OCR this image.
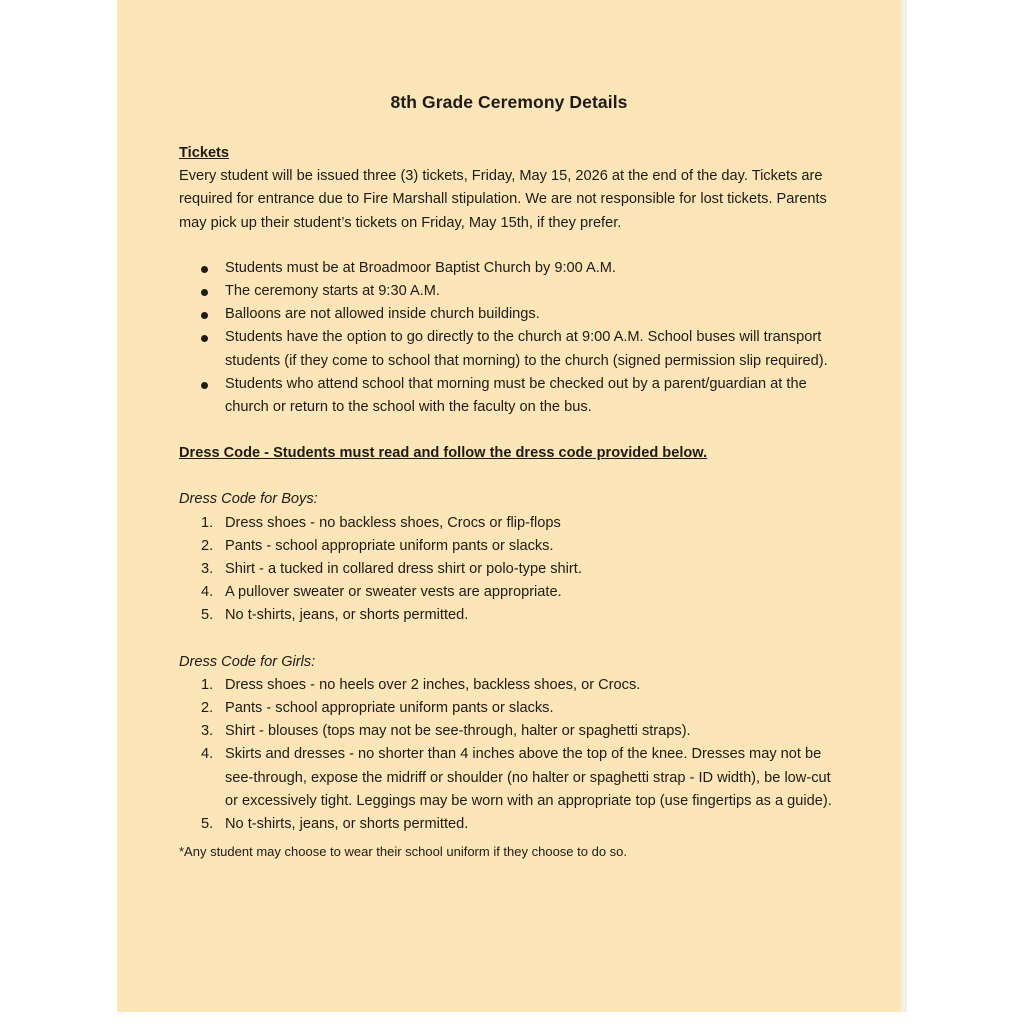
8th Grade Ceremony Details

Tickets

Every student will be issued three (3) tickets, Friday, May 15, 2026 at the end of the day. Tickets are required for entrance due to Fire Marshall stipulation. We are not responsible for lost tickets. Parents may pick up their student’s tickets on Friday, May 15th, if they prefer.

Students must be at Broadmoor Baptist Church by 9:00 A.M.
The ceremony starts at 9:30 A.M.
Balloons are not allowed inside church buildings.
Students have the option to go directly to the church at 9:00 A.M. School buses will transport students (if they come to school that morning) to the church (signed permission slip required).
Students who attend school that morning must be checked out by a parent/guardian at the church or return to the school with the faculty on the bus.

Dress Code - Students must read and follow the dress code provided below.

Dress Code for Boys:

1. Dress shoes - no backless shoes, Crocs or flip-flops
2. Pants - school appropriate uniform pants or slacks.
3. Shirt - a tucked in collared dress shirt or polo-type shirt.
4. A pullover sweater or sweater vests are appropriate.
5. No t-shirts, jeans, or shorts permitted.

Dress Code for Girls:

1. Dress shoes - no heels over 2 inches, backless shoes, or Crocs.
2. Pants - school appropriate uniform pants or slacks.
3. Shirt - blouses (tops may not be see-through, halter or spaghetti straps).
4. Skirts and dresses - no shorter than 4 inches above the top of the knee. Dresses may not be see-through, expose the midriff or shoulder (no halter or spaghetti strap - ID width), be low-cut or excessively tight. Leggings may be worn with an appropriate top (use fingertips as a guide).
5. No t-shirts, jeans, or shorts permitted.

*Any student may choose to wear their school uniform if they choose to do so.
